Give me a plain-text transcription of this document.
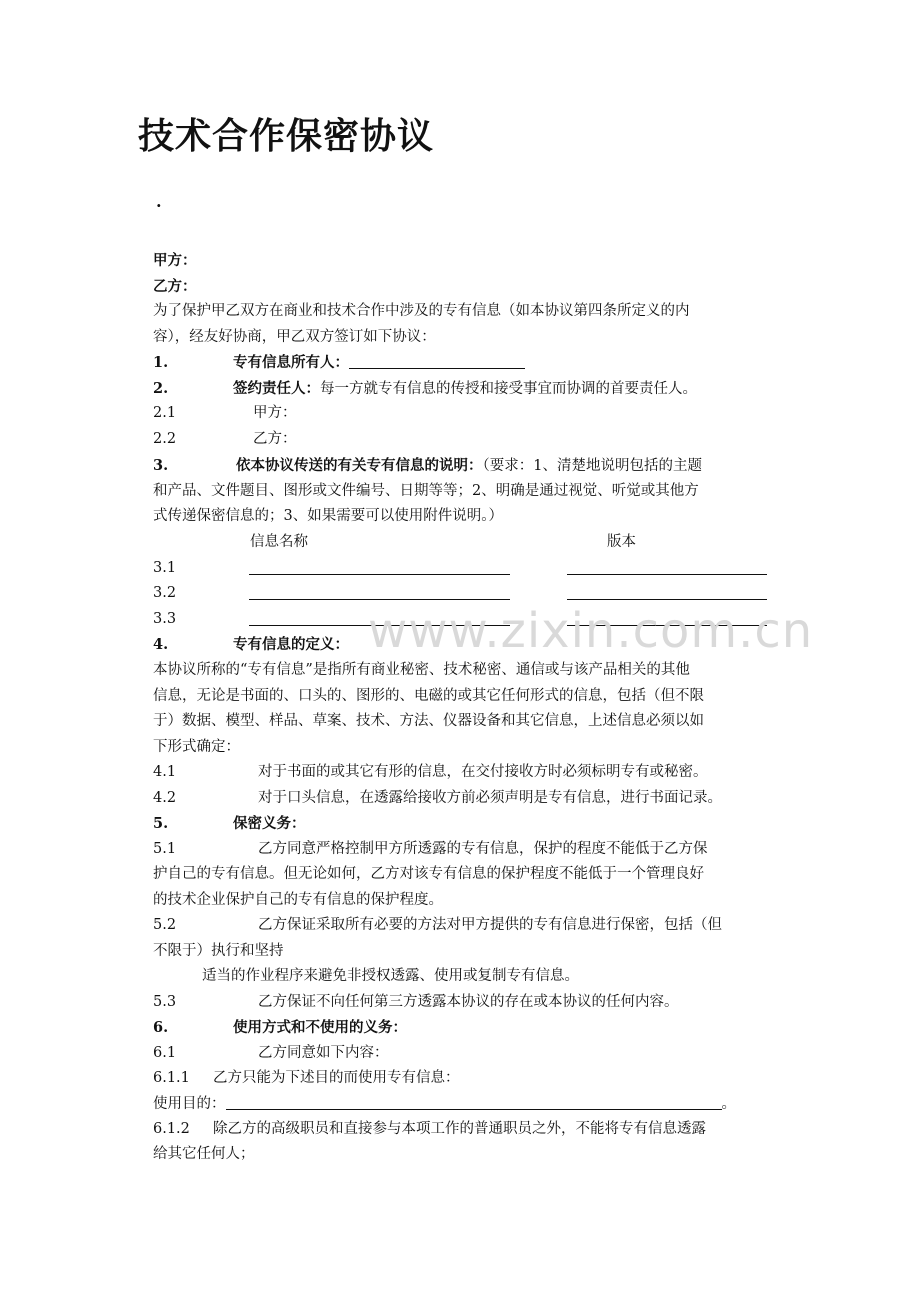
技术合作保密协议
·
甲方：
乙方：
为了保护甲乙双方在商业和技术合作中涉及的专有信息（如本协议第四条所定义的内
容），经友好协商，甲乙双方签订如下协议：
1.	专有信息所有人：
2.	签约责任人：每一方就专有信息的传授和接受事宜而协调的首要责任人。
2.1	甲方：
2.2	乙方：
3.	依本协议传送的有关专有信息的说明：（要求：1、清楚地说明包括的主题
和产品、文件题目、图形或文件编号、日期等等；2、明确是通过视觉、听觉或其他方
式传递保密信息的；3、如果需要可以使用附件说明。）
信息名称	版本
3.1
3.2
3.3	www.zixin.com.cn
4.	专有信息的定义：
本协议所称的“专有信息”是指所有商业秘密、技术秘密、通信或与该产品相关的其他
信息，无论是书面的、口头的、图形的、电磁的或其它任何形式的信息，包括（但不限
于）数据、模型、样品、草案、技术、方法、仪器设备和其它信息，上述信息必须以如
下形式确定：
4.1	对于书面的或其它有形的信息，在交付接收方时必须标明专有或秘密。
4.2	对于口头信息，在透露给接收方前必须声明是专有信息，进行书面记录。
5.	保密义务：
5.1	乙方同意严格控制甲方所透露的专有信息，保护的程度不能低于乙方保
护自己的专有信息。但无论如何，乙方对该专有信息的保护程度不能低于一个管理良好
的技术企业保护自己的专有信息的保护程度。
5.2	乙方保证采取所有必要的方法对甲方提供的专有信息进行保密，包括（但
不限于）执行和坚持
适当的作业程序来避免非授权透露、使用或复制专有信息。
5.3	乙方保证不向任何第三方透露本协议的存在或本协议的任何内容。
6.	使用方式和不使用的义务：
6.1	乙方同意如下内容：
6.1.1 乙方只能为下述目的而使用专有信息：
使用目的：	。
6.1.2 除乙方的高级职员和直接参与本项工作的普通职员之外，不能将专有信息透露
给其它任何人；
